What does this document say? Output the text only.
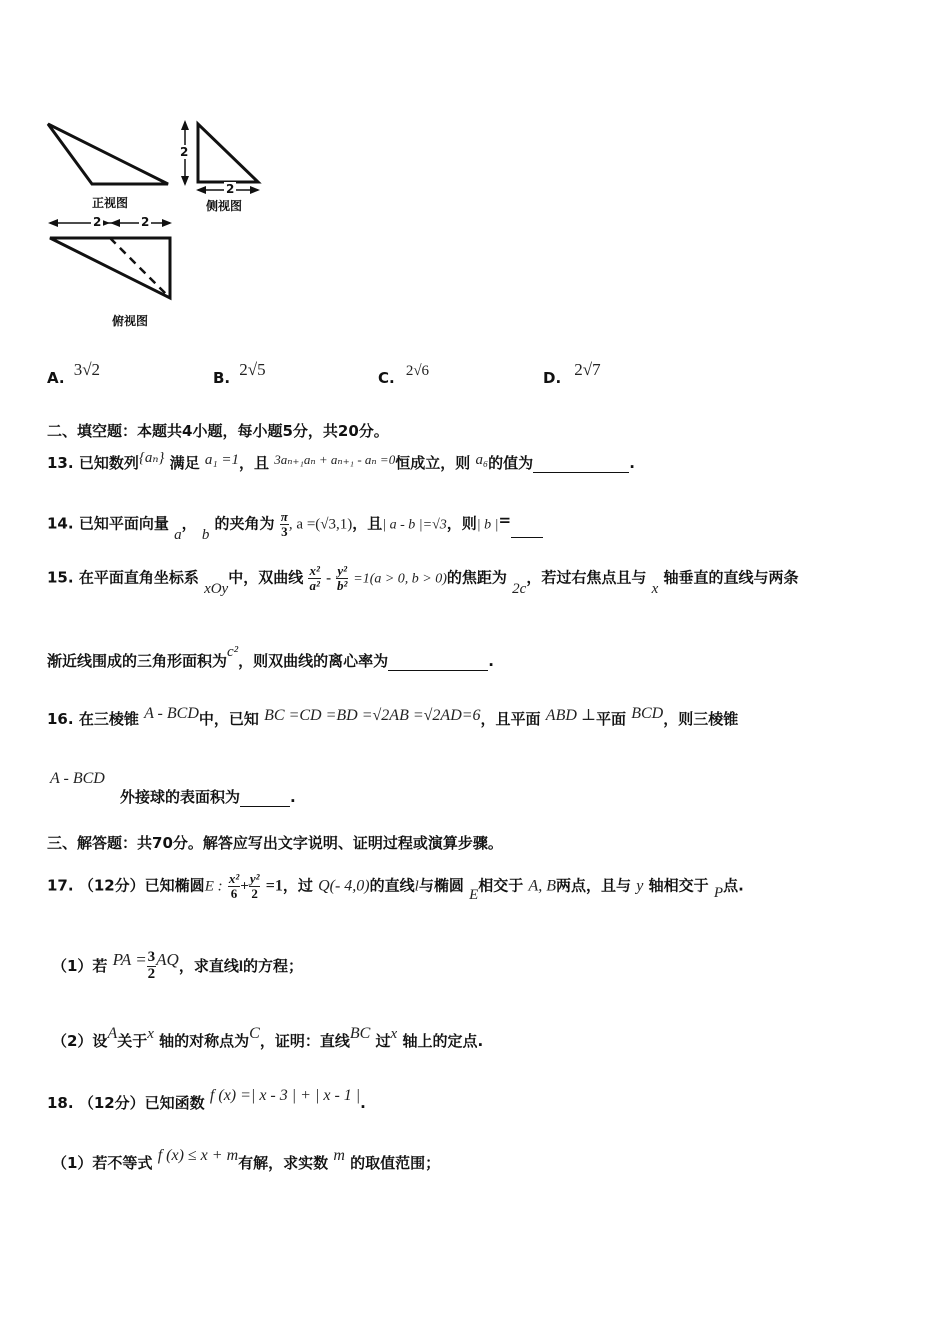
2
2
正视图	侧视图
2	2
俯视图
A. 3√2	B. 2√5	C. 2√6	D. 2√7
二、填空题：本题共4小题，每小题5分，共20分。
13. 已知数列{aₙ} 满足 a₁ =1，且 3aₙ₊₁aₙ + aₙ₊₁ - aₙ =0恒成立，则 a₆的值为	.
14. 已知平面向量 a， b 的夹角为 $\frac{\pi}{3}$ , a =(√3,1)，且| a - b |=√3，则| b |=
15. 在平面直角坐标系 xOy中，双曲线 $\frac{\text{x²}}{\text{a²}} - \frac{\text{y²}}{\text{b²}} =1(a > 0$, b > 0)的焦距为 2c，若过右焦点且与 x 轴垂直的直线与两条
渐近线围成的三角形面积为c²，则双曲线的离心率为	.
16. 在三棱锥 A - BCD中，已知 BC =CD =BD =√2AB =√2AD=6，且平面 ABD ⊥平面 BCD，则三棱锥
A - BCD
外接球的表面积为	.
三、解答题：共70分。解答应写出文字说明、证明过程或演算步骤。
17. （12分）已知椭圆E : $\frac{\text{x²}}{6} + \frac{\text{y²}}{2} =1$，过 Q(- 4,0)的直线l与椭圆 E相交于 A, B两点，且与 y 轴相交于 P点.
（1）若 PA = $\frac{3}{2}$ AQ，求直线l的方程；
（2）设A关于x 轴的对称点为C，证明：直线BC 过x 轴上的定点.
18. （12分）已知函数 f (x) =| x - 3 | + | x - 1 |.
（1）若不等式 f (x) ≤ x + m有解，求实数 m 的取值范围；
